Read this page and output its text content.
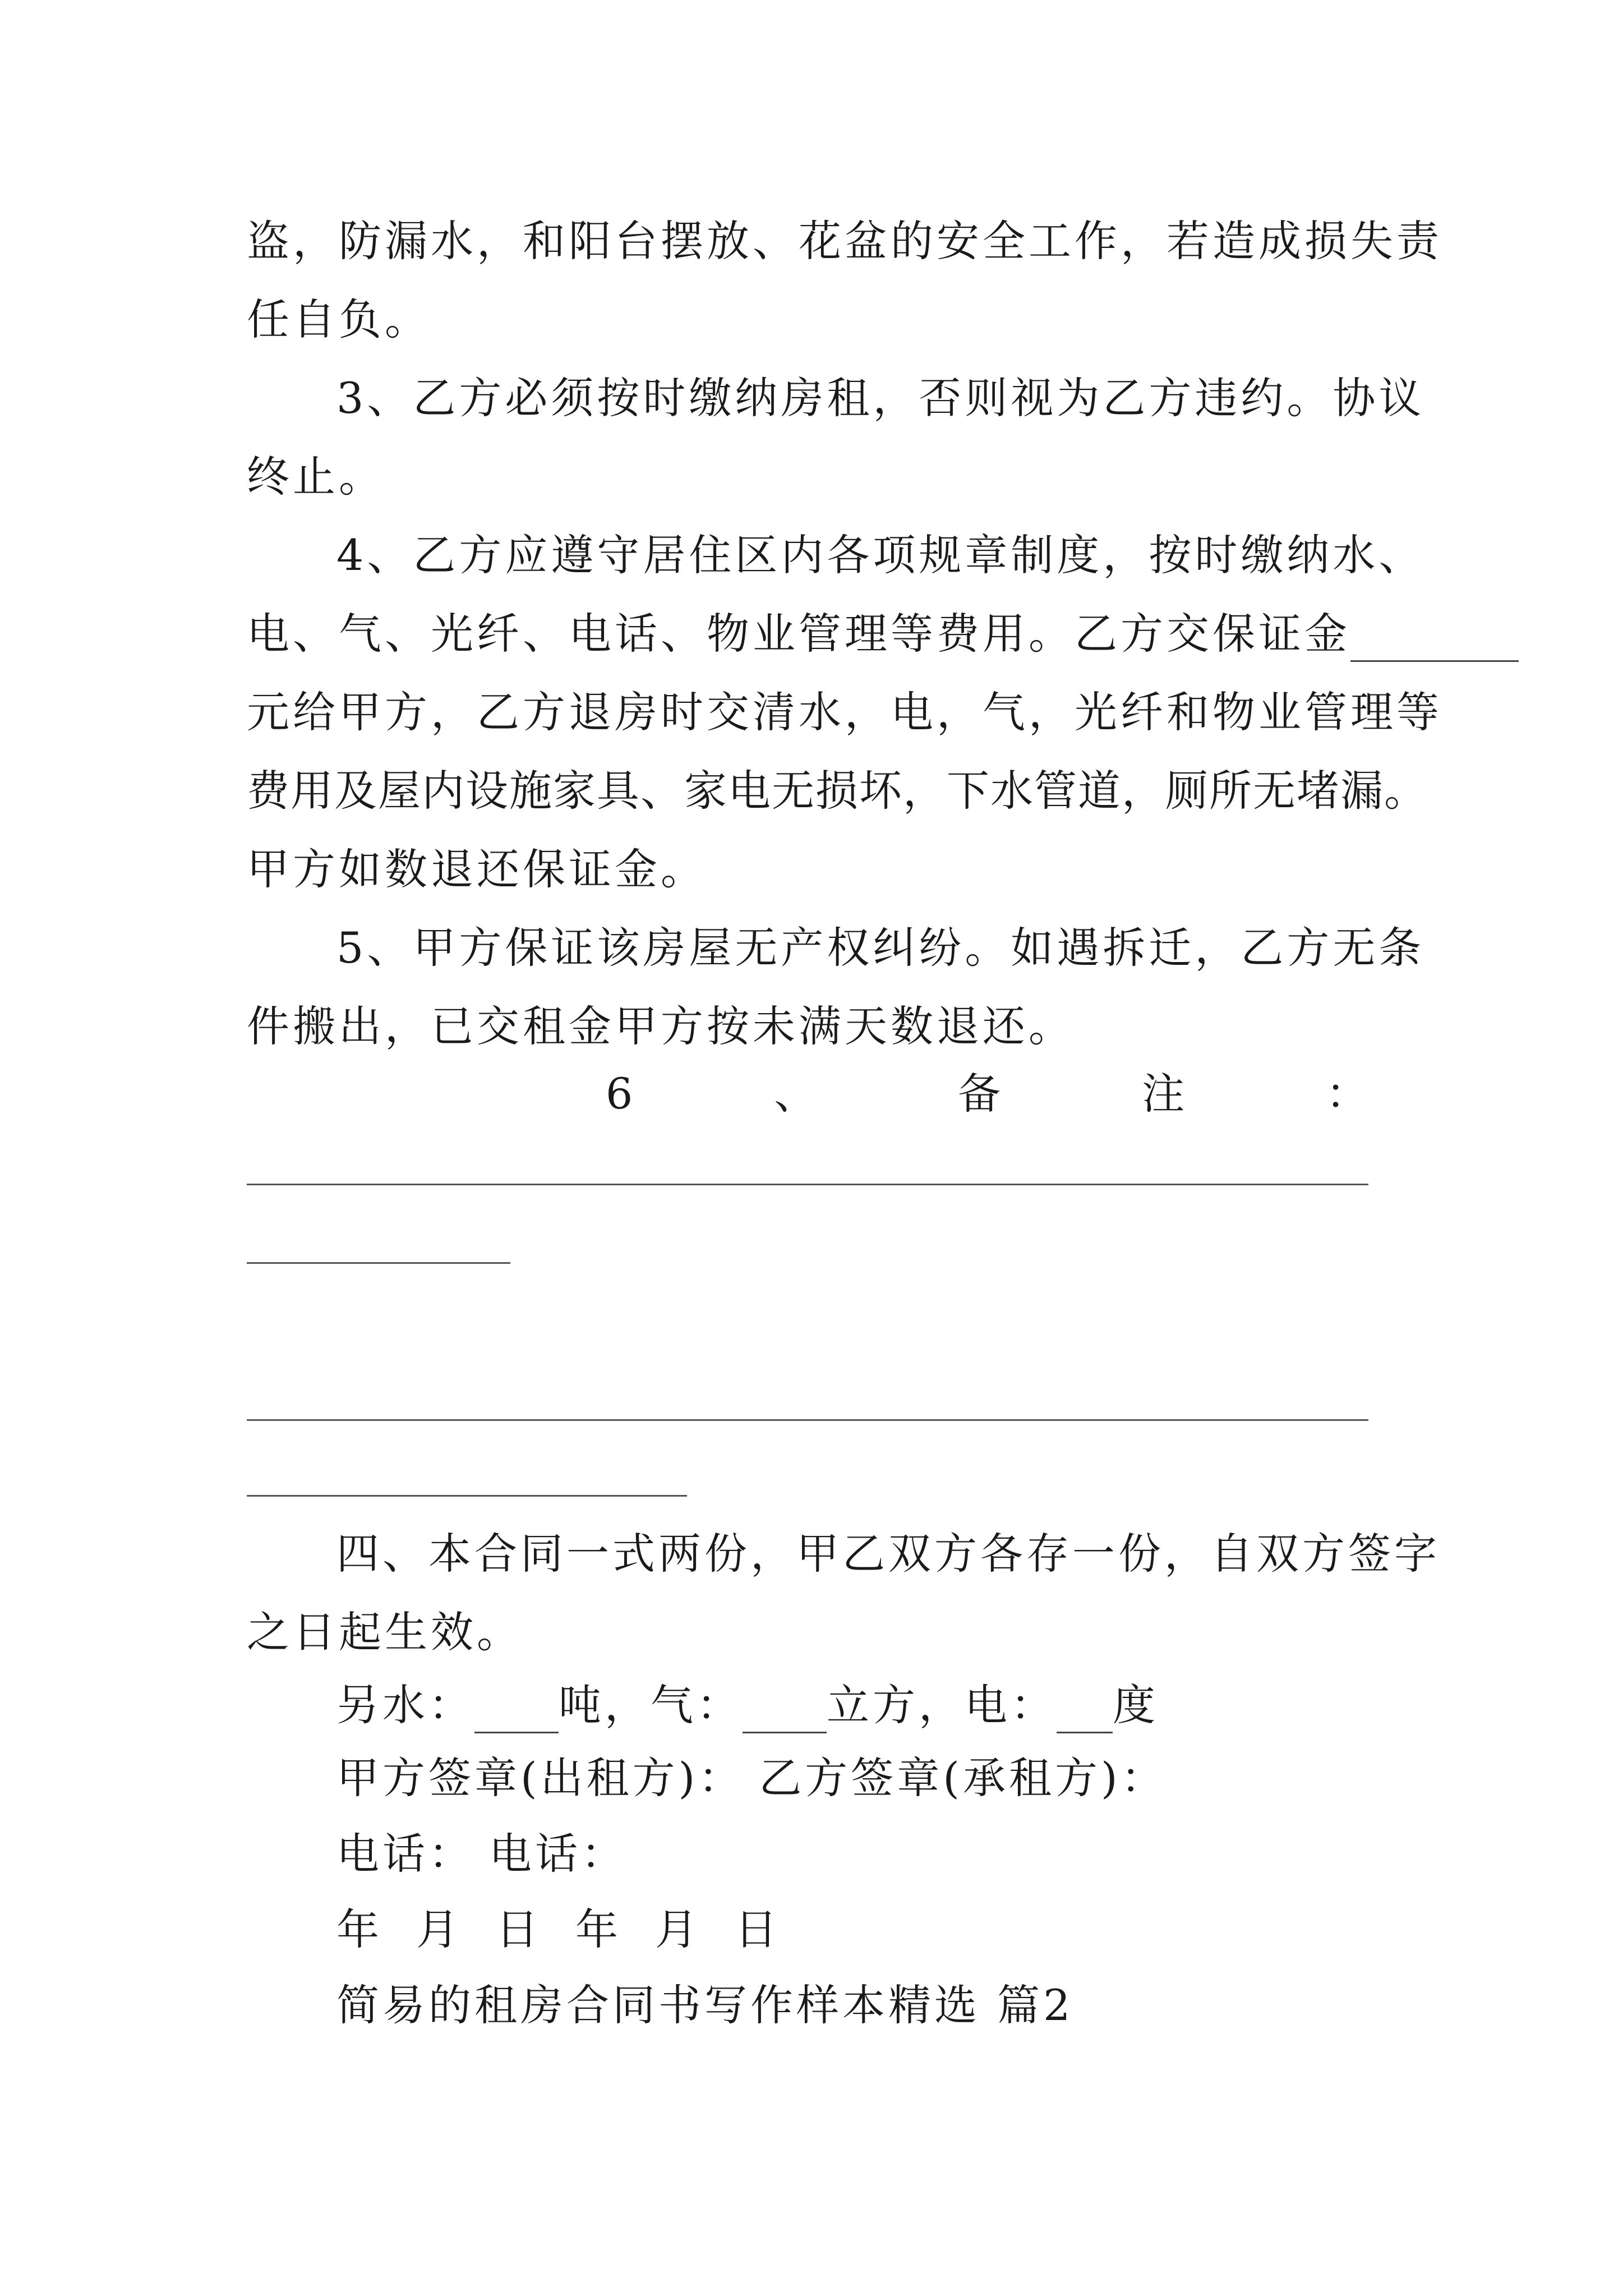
盗，防漏水，和阳台摆放、花盆的安全工作，若造成损失责
任自负。
3、乙方必须按时缴纳房租，否则视为乙方违约。协议
终止。
4、乙方应遵守居住区内各项规章制度，按时缴纳水、
电、气、光纤、电话、物业管理等费用。乙方交保证金
元给甲方，乙方退房时交清水，电，气，光纤和物业管理等
费用及屋内设施家具、家电无损坏，下水管道，厕所无堵漏。
甲方如数退还保证金。
5、甲方保证该房屋无产权纠纷。如遇拆迁，乙方无条
件搬出，已交租金甲方按未满天数退还。
6	、	备	注	：
四、本合同一式两份，甲乙双方各存一份，自双方签字
之日起生效。
另水： 吨，气： 立方，电： 度
甲方签章(出租方)： 乙方签章(承租方)：
电话： 电话：
年 月 日 年 月 日
简易的租房合同书写作样本精选 篇2
